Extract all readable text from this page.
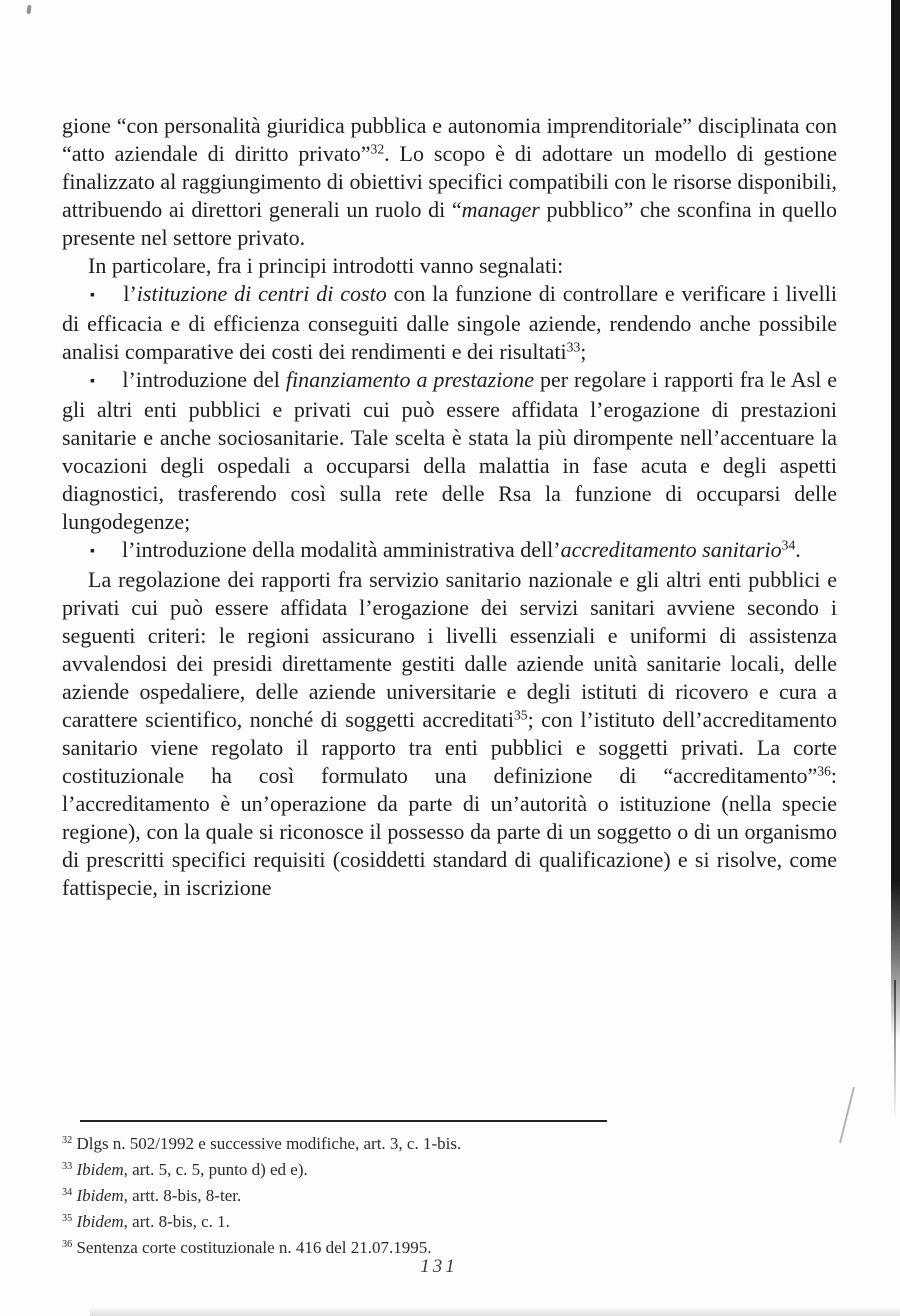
gione “con personalità giuridica pubblica e autonomia imprenditoriale” disciplinata con “atto aziendale di diritto privato”$^{32}$. Lo scopo è di adottare un modello di gestione finalizzato al raggiungimento di obiettivi specifici compatibili con le risorse disponibili, attribuendo ai direttori generali un ruolo di “manager pubblico” che sconfina in quello presente nel settore privato.

In particolare, fra i principi introdotti vanno segnalati:

▪ l’istituzione di centri di costo con la funzione di controllare e verificare i livelli di efficacia e di efficienza conseguiti dalle singole aziende, rendendo anche possibile analisi comparative dei costi dei rendimenti e dei risultati$^{33}$;

▪ l’introduzione del finanziamento a prestazione per regolare i rapporti fra le Asl e gli altri enti pubblici e privati cui può essere affidata l’erogazione di prestazioni sanitarie e anche sociosanitarie. Tale scelta è stata la più dirompente nell’accentuare la vocazioni degli ospedali a occuparsi della malattia in fase acuta e degli aspetti diagnostici, trasferendo così sulla rete delle Rsa la funzione di occuparsi delle lungodegenze;

▪ l’introduzione della modalità amministrativa dell’accreditamento sanitario$^{34}$.

La regolazione dei rapporti fra servizio sanitario nazionale e gli altri enti pubblici e privati cui può essere affidata l’erogazione dei servizi sanitari avviene secondo i seguenti criteri: le regioni assicurano i livelli essenziali e uniformi di assistenza avvalendosi dei presidi direttamente gestiti dalle aziende unità sanitarie locali, delle aziende ospedaliere, delle aziende universitarie e degli istituti di ricovero e cura a carattere scientifico, nonché di soggetti accreditati$^{35}$; con l’istituto dell’accreditamento sanitario viene regolato il rapporto tra enti pubblici e soggetti privati. La corte costituzionale ha così formulato una definizione di “accreditamento”$^{36}$: l’accreditamento è un’operazione da parte di un’autorità o istituzione (nella specie regione), con la quale si riconosce il possesso da parte di un soggetto o di un organismo di prescritti specifici requisiti (cosiddetti standard di qualificazione) e si risolve, come fattispecie, in iscrizione

$^{32}$ Dlgs n. 502/1992 e successive modifiche, art. 3, c. 1-bis.

$^{33}$ Ibidem, art. 5, c. 5, punto d) ed e).

$^{34}$ Ibidem, artt. 8-bis, 8-ter.

$^{35}$ Ibidem, art. 8-bis, c. 1.

$^{36}$ Sentenza corte costituzionale n. 416 del 21.07.1995.

131
